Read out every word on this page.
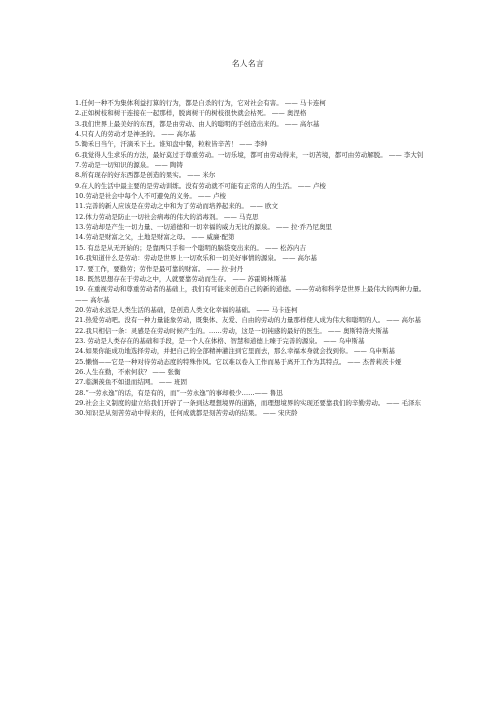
名人名言
1.任何一种不为集体利益打算的行为，都是自杀的行为，它对社会有害。 —— 马卡连柯
2.正如树枝和树干连接在一起那样，脱离树干的树枝很快就会枯死。 —— 奥涅格
3.我们世界上最美好的东西，都是由劳动、由人的聪明的手创造出来的。 —— 高尔基
4.只有人的劳动才是神圣的。 —— 高尔基
5.锄禾日当午，汗滴禾下土。谁知盘中餐，粒粒皆辛苦！ —— 李绅
6.我觉得人生求乐的方法，最好莫过于尊重劳动。一切乐境，都可由劳动得来，一切苦境，都可由劳动解脱。 —— 李大钊
7.劳动是一切知识的源泉。 —— 陶铸
8.所有现存的好东西都是创造的果实。 —— 米尔
9.在人的生活中最主要的是劳动训练。没有劳动就不可能有正常的人的生活。 —— 卢梭
10.劳动是社会中每个人不可避免的义务。 —— 卢梭
11.完善的新人应该是在劳动之中和为了劳动而培养起来的。 —— 欧文
12.体力劳动是防止一切社会病毒的伟大的消毒剂。 —— 马克思
13.劳动却是产生一切力量、一切道德和一切幸福的威力无比的源泉。 —— 拉·乔乃尼奥里
14.劳动是财富之父，土地是财富之母。 —— 威廉·配第
15. 有总是从无开始的；是靠两只手和一个聪明的脑袋变出来的。 —— 松苏内吉
16.我知道什么是劳动：劳动是世界上一切欢乐和一切美好事情的源泉。 —— 高尔基
17. 要工作，要勤劳；劳作是最可靠的财富。 —— 拉·封丹
18. 既然思想存在于劳动之中，人就要靠劳动而生存。 —— 苏霍姆林斯基
19. 在重视劳动和尊重劳动者的基础上，我们有可能来创造自己的新的道德。——劳动和科学是世界上最伟大的两种力量。 —— 高尔基
20.劳动永远是人类生活的基础，是创造人类文化幸福的基础。 —— 马卡连柯
21.热爱劳动吧。没有一种力量能象劳动，既集体、友爱、自由的劳动的力量那样使人成为伟大和聪明的人。 —— 高尔基
22.我只相信一条：灵感是在劳动时候产生的。……劳动，这是一切钝感的最好的医生。 —— 奥斯特洛夫斯基
23. 劳动是人类存在的基础和手段，是一个人在体格、智慧和道德上臻于完善的源泉。 —— 乌申斯基
24.如果你能成功地选择劳动，并把自己的全部精神灌注到它里面去，那么幸福本身就会找到你。 —— 乌申斯基
25.懒惰——它是一种对待劳动态度的特殊作风。它以难以卷入工作而易于离开工作为其特点。 —— 杰普莉茨卡娅
26.人生在勤，不索何获？ —— 张衡
27.临渊羡鱼不如退而结网。 —— 班固
28.“一劳永逸”的话，有是有的，而“一劳永逸”的事却极少……—— 鲁迅
29.社会主义制度的建立给我们开辟了一条到达理想境界的道路，而理想境界的实现还要靠我们的辛勤劳动。 —— 毛泽东
30.知识是从刻苦劳动中得来的，任何成就都是刻苦劳动的结果。 —— 宋庆龄
